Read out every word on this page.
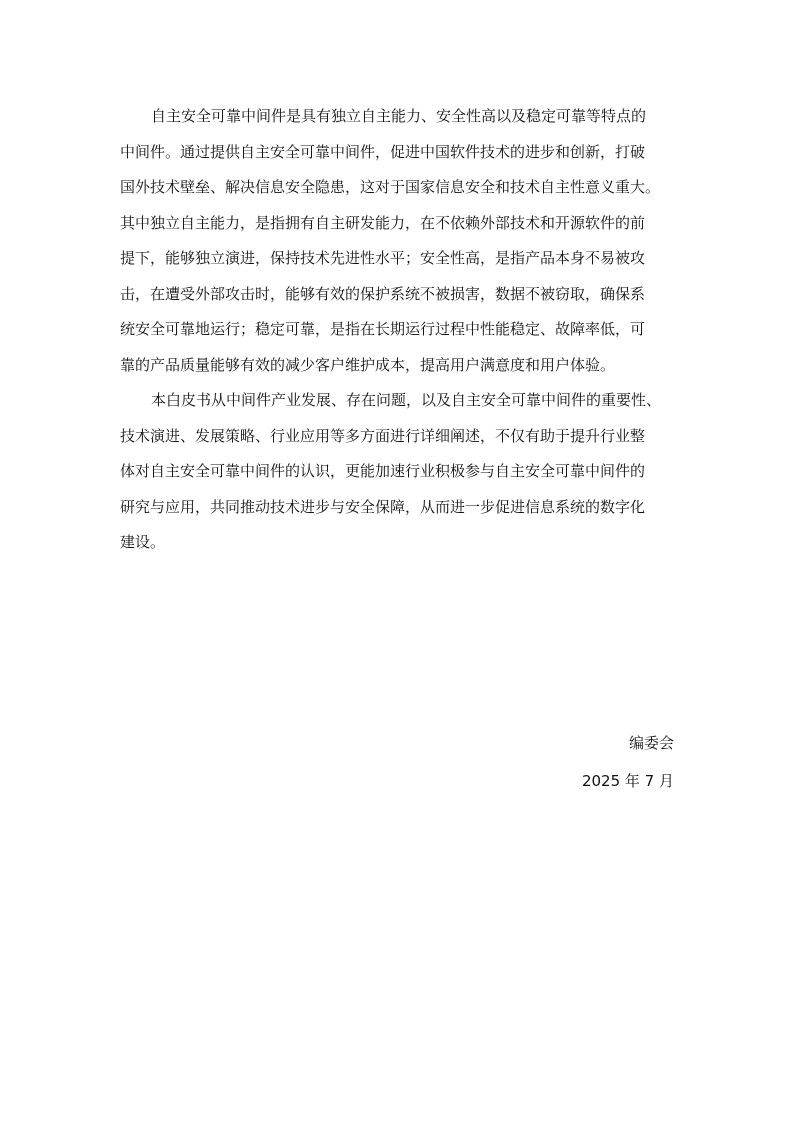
自主安全可靠中间件是具有独立自主能力、安全性高以及稳定可靠等特点的
中间件。通过提供自主安全可靠中间件，促进中国软件技术的进步和创新，打破
国外技术壁垒、解决信息安全隐患，这对于国家信息安全和技术自主性意义重大。
其中独立自主能力，是指拥有自主研发能力，在不依赖外部技术和开源软件的前
提下，能够独立演进，保持技术先进性水平；安全性高，是指产品本身不易被攻
击，在遭受外部攻击时，能够有效的保护系统不被损害，数据不被窃取，确保系
统安全可靠地运行；稳定可靠，是指在长期运行过程中性能稳定、故障率低，可
靠的产品质量能够有效的减少客户维护成本，提高用户满意度和用户体验。

本白皮书从中间件产业发展、存在问题，以及自主安全可靠中间件的重要性、
技术演进、发展策略、行业应用等多方面进行详细阐述，不仅有助于提升行业整
体对自主安全可靠中间件的认识，更能加速行业积极参与自主安全可靠中间件的
研究与应用，共同推动技术进步与安全保障，从而进一步促进信息系统的数字化
建设。

编委会

2025 年 7 月
